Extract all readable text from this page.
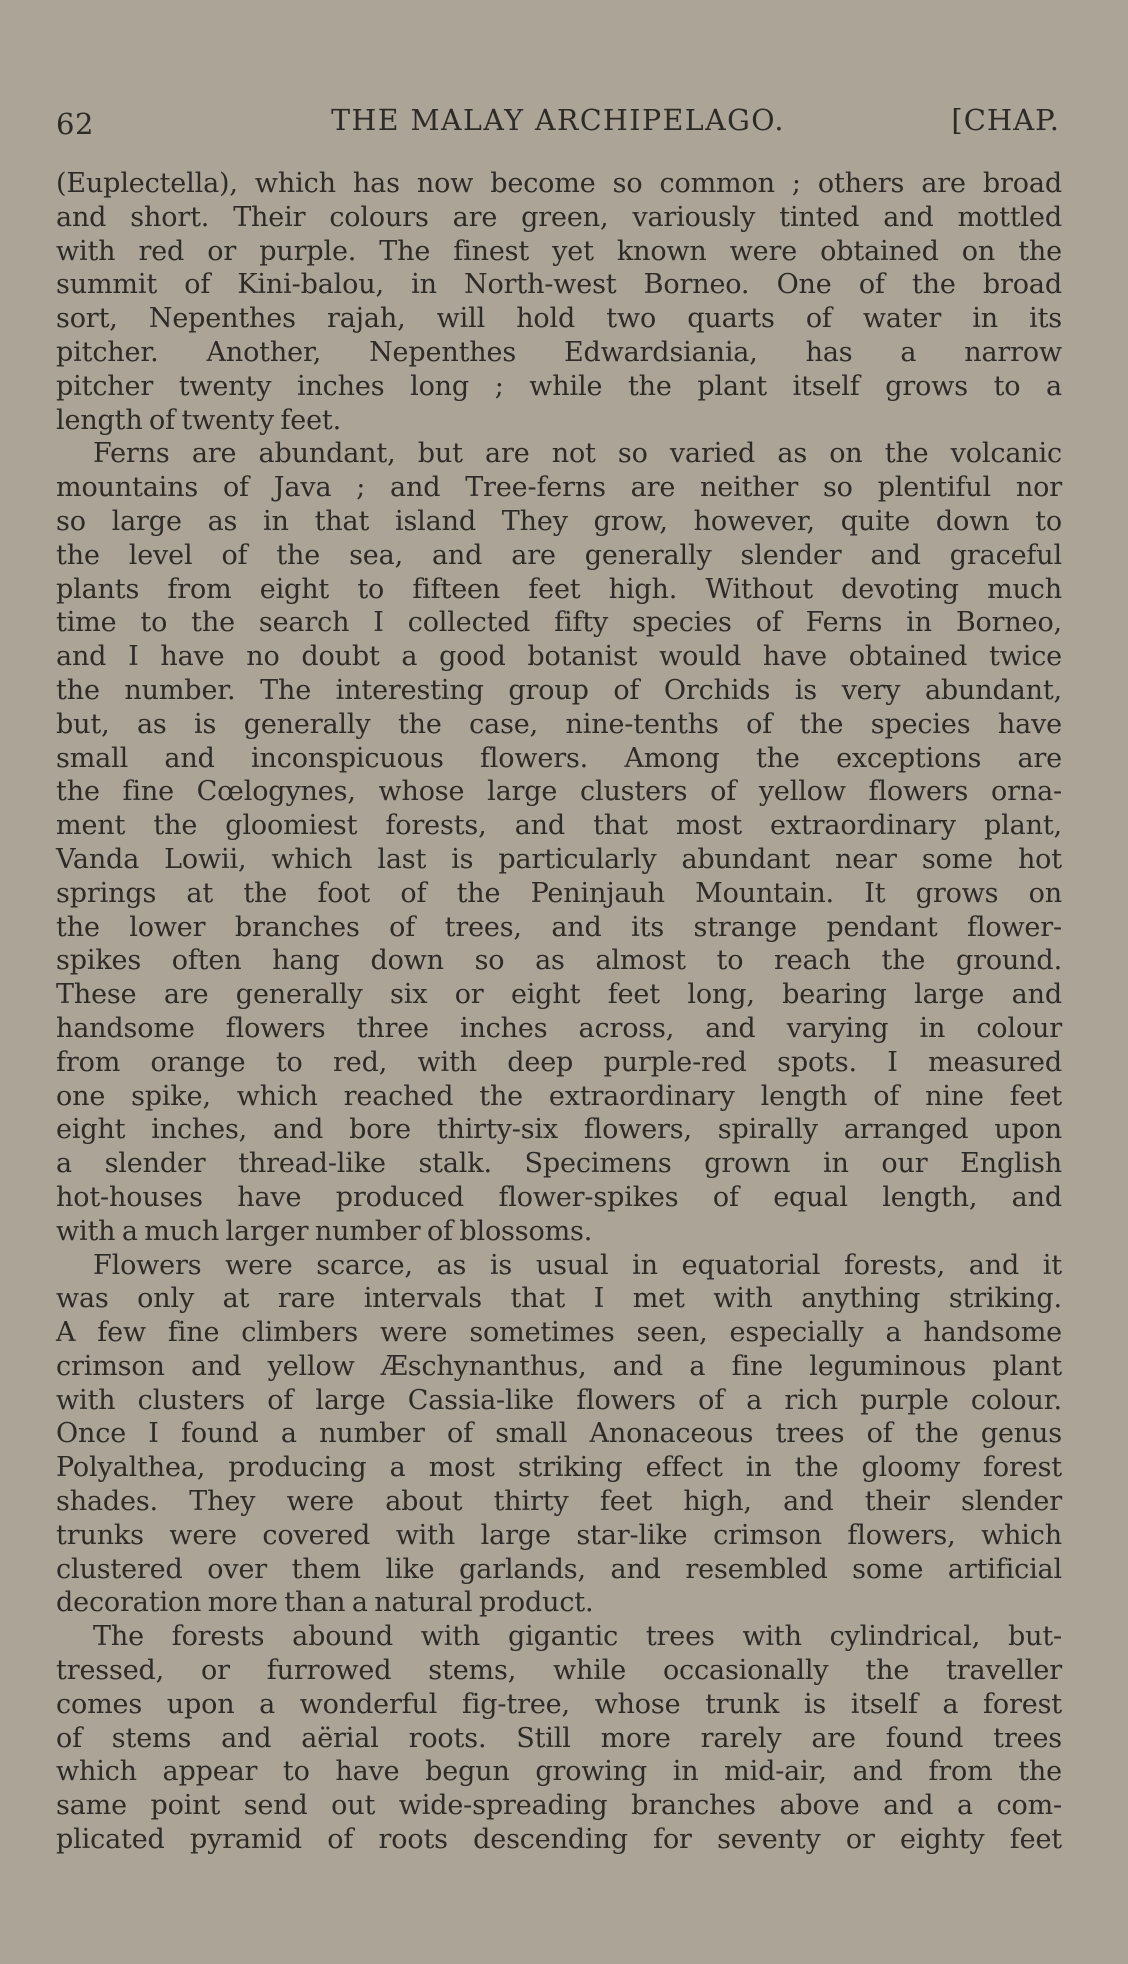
62	THE MALAY ARCHIPELAGO.	[CHAP.
(Euplectella), which has now become so common ; others are broad
and short. Their colours are green, variously tinted and mottled
with red or purple. The finest yet known were obtained on the
summit of Kini-balou, in North-west Borneo. One of the broad
sort, Nepenthes rajah, will hold two quarts of water in its
pitcher. Another, Nepenthes Edwardsiania, has a narrow
pitcher twenty inches long ; while the plant itself grows to a
length of twenty feet.
Ferns are abundant, but are not so varied as on the volcanic
mountains of Java ; and Tree-ferns are neither so plentiful nor
so large as in that island They grow, however, quite down to
the level of the sea, and are generally slender and graceful
plants from eight to fifteen feet high. Without devoting much
time to the search I collected fifty species of Ferns in Borneo,
and I have no doubt a good botanist would have obtained twice
the number. The interesting group of Orchids is very abundant,
but, as is generally the case, nine-tenths of the species have
small and inconspicuous flowers. Among the exceptions are
the fine Cœlogynes, whose large clusters of yellow flowers orna-
ment the gloomiest forests, and that most extraordinary plant,
Vanda Lowii, which last is particularly abundant near some hot
springs at the foot of the Peninjauh Mountain. It grows on
the lower branches of trees, and its strange pendant flower-
spikes often hang down so as almost to reach the ground.
These are generally six or eight feet long, bearing large and
handsome flowers three inches across, and varying in colour
from orange to red, with deep purple-red spots. I measured
one spike, which reached the extraordinary length of nine feet
eight inches, and bore thirty-six flowers, spirally arranged upon
a slender thread-like stalk. Specimens grown in our English
hot-houses have produced flower-spikes of equal length, and
with a much larger number of blossoms.
Flowers were scarce, as is usual in equatorial forests, and it
was only at rare intervals that I met with anything striking.
A few fine climbers were sometimes seen, especially a handsome
crimson and yellow Æschynanthus, and a fine leguminous plant
with clusters of large Cassia-like flowers of a rich purple colour.
Once I found a number of small Anonaceous trees of the genus
Polyalthea, producing a most striking effect in the gloomy forest
shades. They were about thirty feet high, and their slender
trunks were covered with large star-like crimson flowers, which
clustered over them like garlands, and resembled some artificial
decoration more than a natural product.
The forests abound with gigantic trees with cylindrical, but-
tressed, or furrowed stems, while occasionally the traveller
comes upon a wonderful fig-tree, whose trunk is itself a forest
of stems and aërial roots. Still more rarely are found trees
which appear to have begun growing in mid-air, and from the
same point send out wide-spreading branches above and a com-
plicated pyramid of roots descending for seventy or eighty feet
